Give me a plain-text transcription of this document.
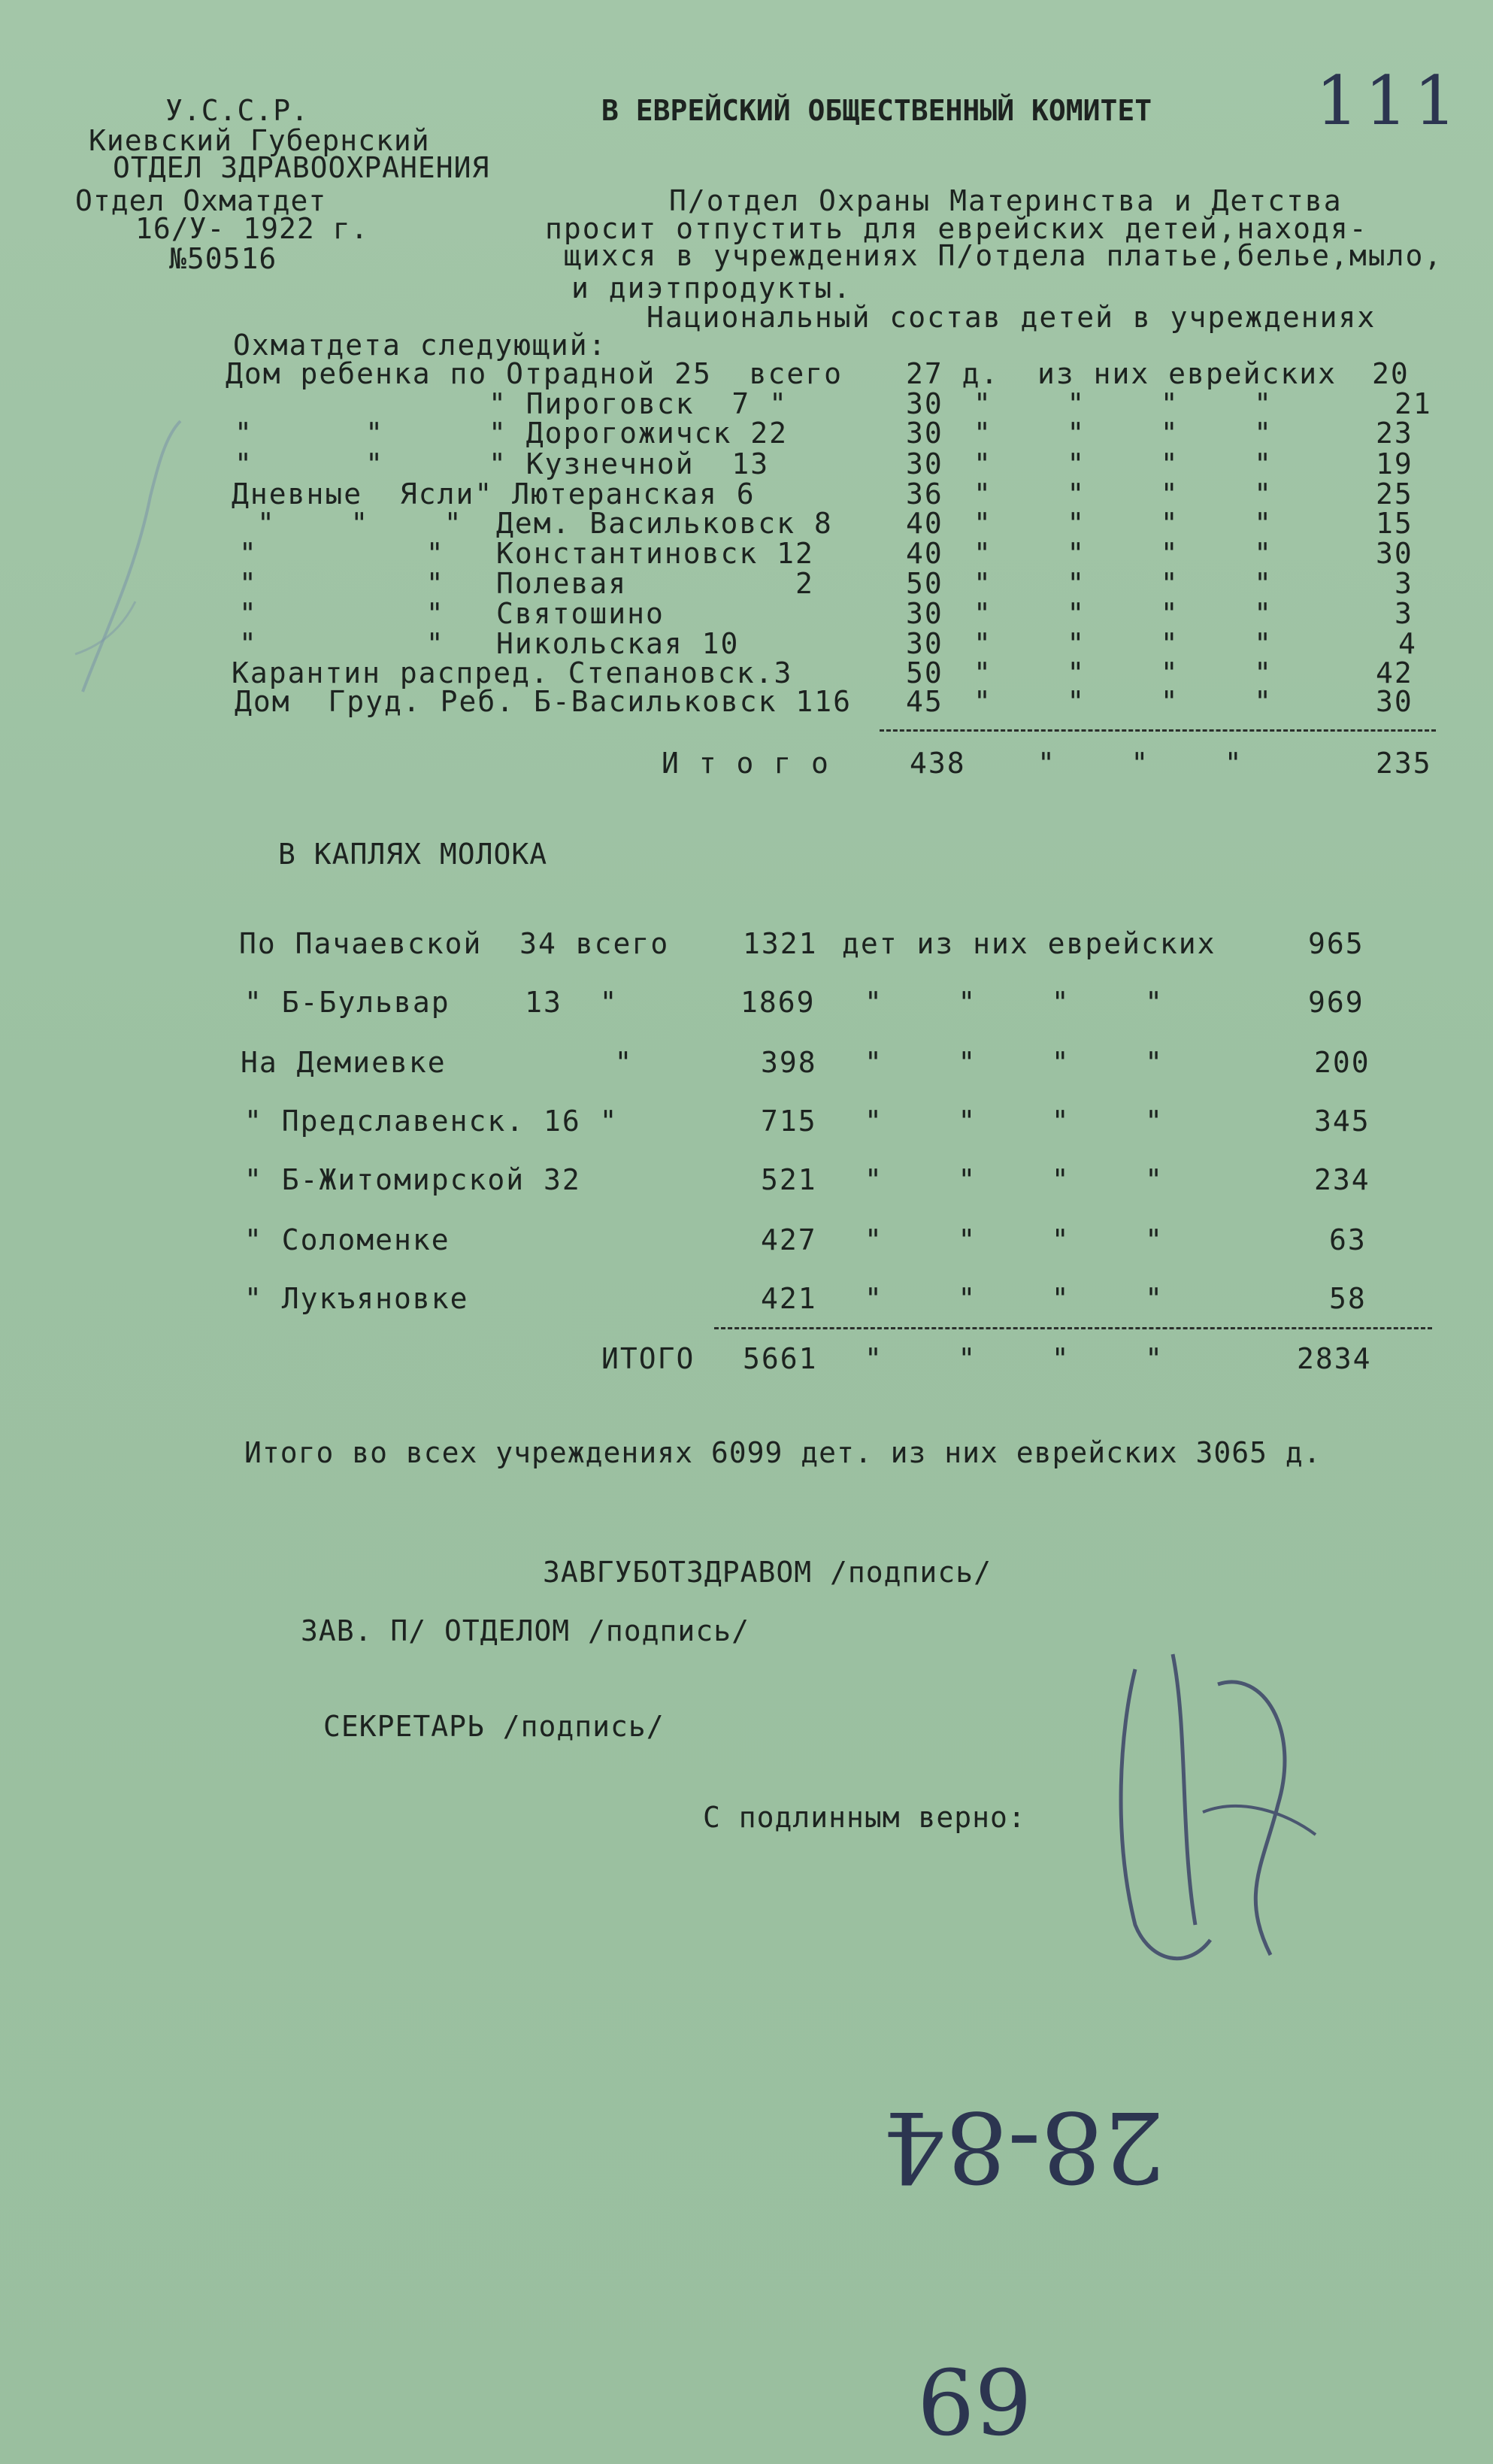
У.С.С.Р.
Киевский Губернский
ОТДЕЛ ЗДРАВООХРАНЕНИЯ
Отдел Охматдет
16/У- 1922 г.
№50516
В ЕВРЕЙСКИЙ ОБЩЕСТВЕННЫЙ КОМИТЕТ 111
П/отдел Охраны Материнства и Детства
просит отпустить для еврейских детей,находя-
щихся в учреждениях П/отдела платье,белье,мыло,
и диэтпродукты.
Национальный состав детей в учреждениях
Охматдета следующий:
Дом ребенка по Отрадной 25  всего 27 д. из них еврейских 20
" Пироговск  7 "	30 "    "    "    "	21
"      "	" Дорогожичск 22	30 "    "    "    "	23
"      "	" Кузнечной  13	30 "    "    "    "	19
Дневные  Ясли" Лютеранская 6	36 "    "    "    "	25
"    "    " Дем. Васильковск 8	40 "    "    "    "	15
"         " Константиновск 12	40 "    "    "    "	30
"         " Полевая         2	50 "    "    "    "	3
"         " Святошино	30 "    "    "    "	3
"         " Никольская 10	30 "    "    "    "	4
Карантин распред. Степановск.3	50 "    "    "    "	42
Дом  Груд. Реб. Б-Васильковск 116 45 "    "    "    "	30
И т о г о	438	"    "    "	235
В КАПЛЯХ МОЛОКА
По Пачаевской  34 всего	1321 дет из них еврейских	965
" Б-Бульвар    13  "	1869 "    "    "    "	969
На Демиевке         "	398 "    "    "    "	200
" Предславенск. 16 "	715 "    "    "    "	345
" Б-Житомирской 32	521 "    "    "    "	234
" Соломенке	427 "    "    "    "	63
" Лукъяновке	421 "    "    "    "	58
ИТОГО 5661 "    "    "    "	2834
Итого во всех учреждениях 6099 дет. из них еврейских 3065 д.
ЗАВГУБОТЗДРАВОМ /подпись/
ЗАВ. П/ ОТДЕЛОМ /подпись/
СЕКРЕТАРЬ /подпись/
С подлинным верно:
28-84
69
